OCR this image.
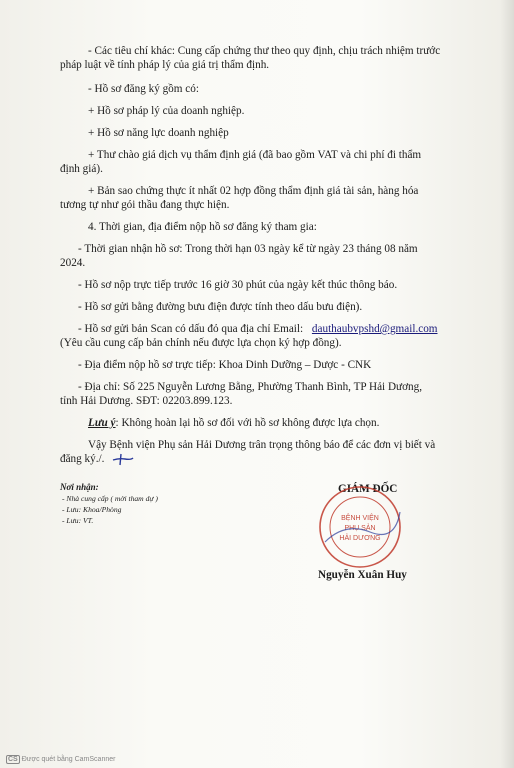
- Các tiêu chí khác: Cung cấp chứng thư theo quy định, chịu trách nhiệm trước
pháp luật về tính pháp lý của giá trị thẩm định.
- Hồ sơ đăng ký gồm có:
+ Hồ sơ pháp lý của doanh nghiệp.
+ Hồ sơ năng lực doanh nghiệp
+ Thư chào giá dịch vụ thẩm định giá (đã bao gồm VAT và chi phí đi thẩm
định giá).
+ Bản sao chứng thực ít nhất 02 hợp đồng thẩm định giá tài sản, hàng hóa
tương tự như gói thầu đang thực hiện.
4. Thời gian, địa điểm nộp hồ sơ đăng ký tham gia:
- Thời gian nhận hồ sơ: Trong thời hạn 03 ngày kể từ ngày 23 tháng 08 năm
2024.
- Hồ sơ nộp trực tiếp trước 16 giờ 30 phút của ngày kết thúc thông báo.
- Hồ sơ gửi bằng đường bưu điện được tính theo dấu bưu điện).
- Hồ sơ gửi bản Scan có dấu đỏ qua địa chỉ Email: dauthaubvpshd@gmail.com
(Yêu cầu cung cấp bản chính nếu được lựa chọn ký hợp đồng).
- Địa điểm nộp hồ sơ trực tiếp: Khoa Dinh Dưỡng – Dược - CNK
- Địa chỉ: Số 225 Nguyễn Lương Bằng, Phường Thanh Bình, TP Hải Dương,
tỉnh Hải Dương. SĐT: 02203.899.123.
Lưu ý: Không hoàn lại hồ sơ đối với hồ sơ không được lựa chọn.
Vậy Bệnh viện Phụ sản Hải Dương trân trọng thông báo để các đơn vị biết và
đăng ký./.
Nơi nhận:
- Nhà cung cấp ( mời tham dự )
- Lưu: Khoa/Phòng
- Lưu: VT.
GIÁM ĐỐC
BỆNH VIỆN
PHỤ SẢN
HẢI DƯƠNG
Nguyễn Xuân Huy
CS Được quét bằng CamScanner
